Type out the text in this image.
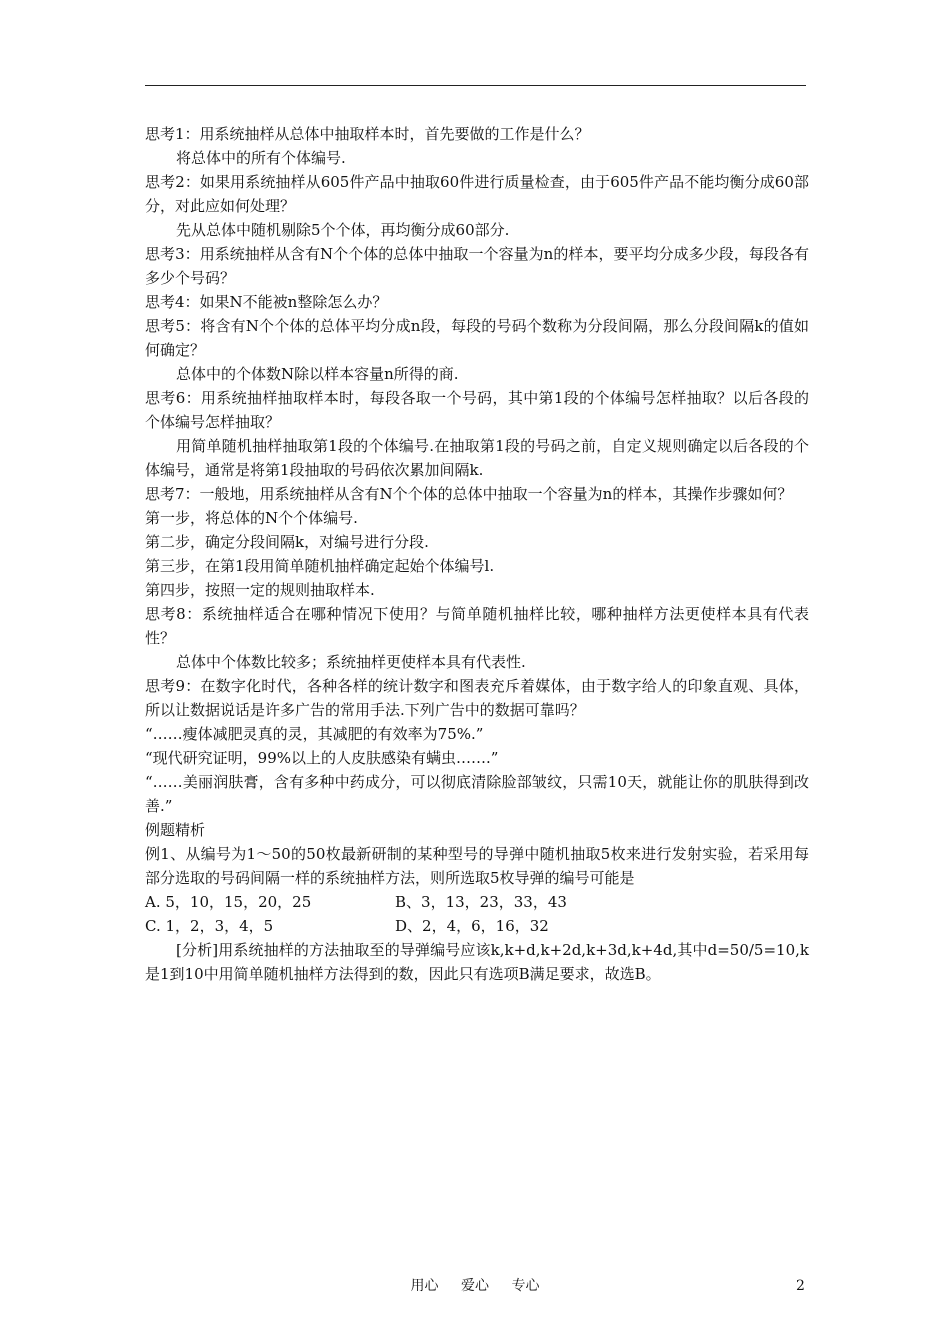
思考1：用系统抽样从总体中抽取样本时，首先要做的工作是什么？

将总体中的所有个体编号.

思考2：如果用系统抽样从605件产品中抽取60件进行质量检查，由于605件产品不能均衡分成60部分，对此应如何处理？

先从总体中随机剔除5个个体，再均衡分成60部分.

思考3：用系统抽样从含有N个个体的总体中抽取一个容量为n的样本，要平均分成多少段，每段各有多少个号码？

思考4：如果N不能被n整除怎么办？

思考5：将含有N个个体的总体平均分成n段，每段的号码个数称为分段间隔，那么分段间隔k的值如何确定？

总体中的个体数N除以样本容量n所得的商.

思考6：用系统抽样抽取样本时，每段各取一个号码，其中第1段的个体编号怎样抽取？以后各段的个体编号怎样抽取？

用简单随机抽样抽取第1段的个体编号.在抽取第1段的号码之前，自定义规则确定以后各段的个体编号，通常是将第1段抽取的号码依次累加间隔k.

思考7：一般地，用系统抽样从含有N个个体的总体中抽取一个容量为n的样本，其操作步骤如何？

第一步，将总体的N个个体编号.

第二步，确定分段间隔k，对编号进行分段.

第三步，在第1段用简单随机抽样确定起始个体编号l.

第四步，按照一定的规则抽取样本.

思考8：系统抽样适合在哪种情况下使用？与简单随机抽样比较，哪种抽样方法更使样本具有代表性？

总体中个体数比较多；系统抽样更使样本具有代表性.

思考9：在数字化时代，各种各样的统计数字和图表充斥着媒体，由于数字给人的印象直观、具体，所以让数据说话是许多广告的常用手法.下列广告中的数据可靠吗？

“……瘦体减肥灵真的灵，其减肥的有效率为75%.”

“现代研究证明，99%以上的人皮肤感染有螨虫…….”

“……美丽润肤膏，含有多种中药成分，可以彻底清除脸部皱纹，只需10天，就能让你的肌肤得到改善.”

例题精析

例1、从编号为1～50的50枚最新研制的某种型号的导弹中随机抽取5枚来进行发射实验，若采用每部分选取的号码间隔一样的系统抽样方法，则所选取5枚导弹的编号可能是

A. 5，10，15，20，25	B、3，13，23，33，43
C. 1，2，3，4，5	D、2，4，6，16，32

[分析]用系统抽样的方法抽取至的导弹编号应该k,k+d,k+2d,k+3d,k+4d,其中d=50/5=10,k是1到10中用简单随机抽样方法得到的数，因此只有选项B满足要求，故选B。

用心 爱心 专心	2
